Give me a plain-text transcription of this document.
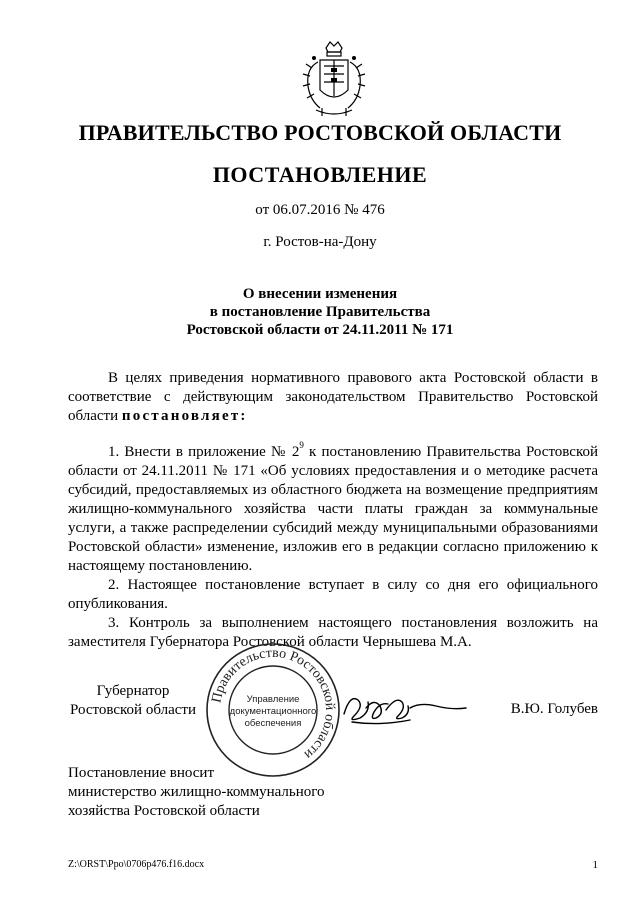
ПРАВИТЕЛЬСТВО РОСТОВСКОЙ ОБЛАСТИ
ПОСТАНОВЛЕНИЕ
от 06.07.2016 № 476
г. Ростов-на-Дону
О внесении изменения
в постановление Правительства
Ростовской области от 24.11.2011 № 171

В целях приведения нормативного правового акта Ростовской области в соответствие с действующим законодательством Правительство Ростовской области постановляет:

1. Внести в приложение № $2^9$ к постановлению Правительства Ростовской области от 24.11.2011 № 171 «Об условиях предоставления и о методике расчета субсидий, предоставляемых из областного бюджета на возмещение предприятиям жилищно-коммунального хозяйства части платы граждан за коммунальные услуги, а также распределении субсидий между муниципальными образованиями Ростовской области» изменение, изложив его в редакции согласно приложению к настоящему постановлению.

2. Настоящее постановление вступает в силу со дня его официального опубликования.

3. Контроль за выполнением настоящего постановления возложить на заместителя Губернатора Ростовской области Чернышева М.А.

Губернатор
Ростовской области
Правительство Ростовской области
Управление
документационного
обеспечения
В.Ю. Голубев
Постановление вносит
министерство жилищно-коммунального
хозяйства Ростовской области
Z:\ORST\Ppo\0706p476.f16.docx	1
